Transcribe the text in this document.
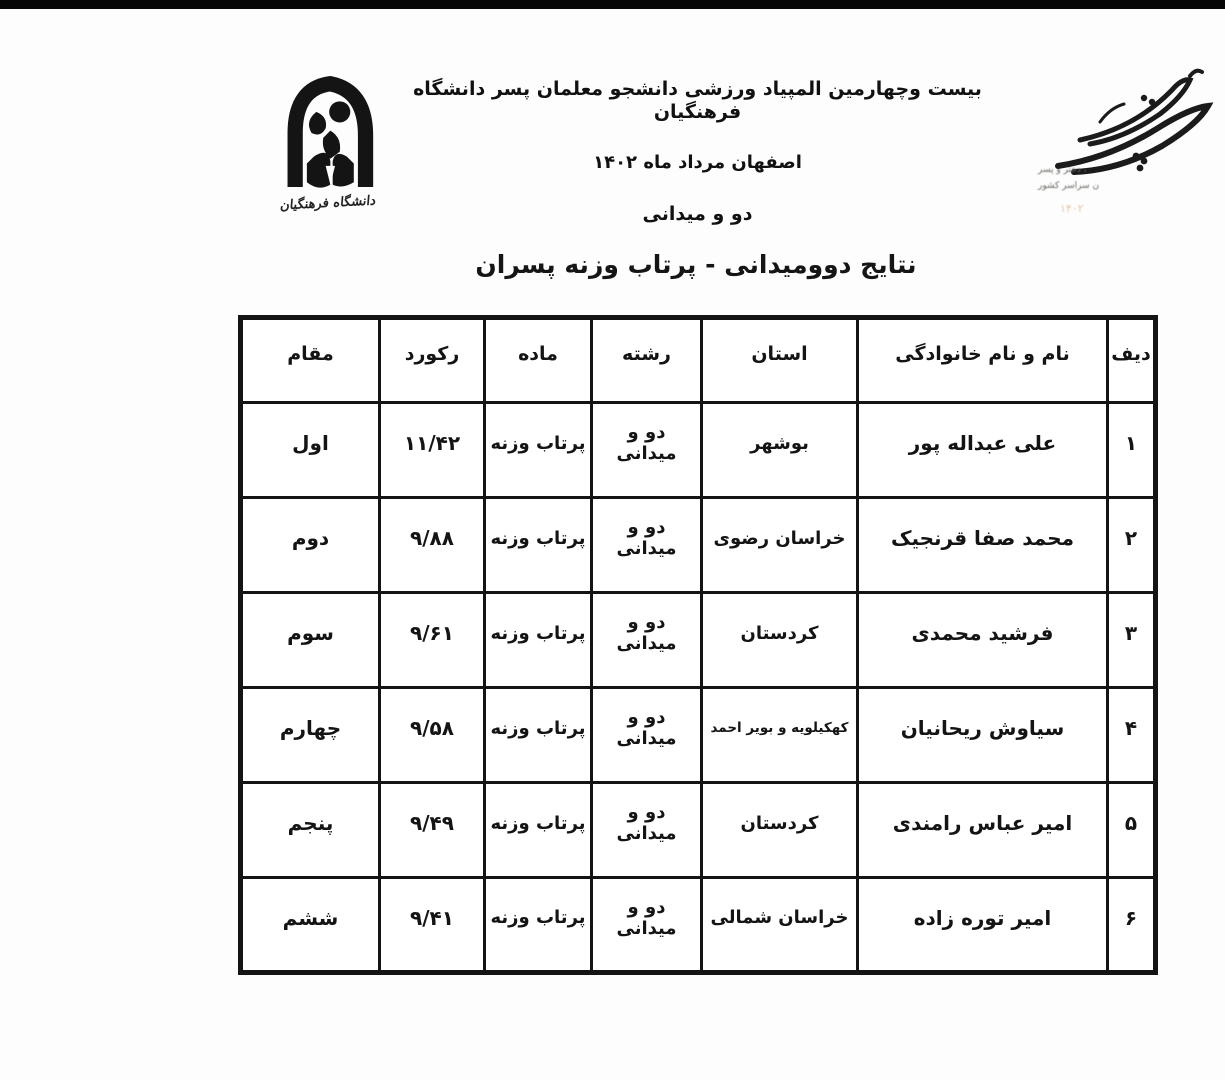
دانشگاه فرهنگیان
بیست وچهارمین المپیاد ورزشی دانشجو معلمان پسر دانشگاه فرهنگیان
اصفهان مرداد ماه ۱۴۰۲
دو و میدانی
، دختر و پسر
ن سراسر کشور
۱۴۰۲
نتایج دوومیدانی - پرتاب وزنه پسران
دیف	نام و نام خانوادگی	استان	رشته	ماده	رکورد	مقام
۱	علی عبداله پور	بوشهر	دو و میدانی	پرتاب وزنه	۱۱/۴۲	اول
۲	محمد صفا قرنجیک	خراسان رضوی	دو و میدانی	پرتاب وزنه	۹/۸۸	دوم
۳	فرشید محمدی	کردستان	دو و میدانی	پرتاب وزنه	۹/۶۱	سوم
۴	سیاوش ریحانیان	کهکیلویه و بویر احمد	دو و میدانی	پرتاب وزنه	۹/۵۸	چهارم
۵	امیر عباس رامندی	کردستان	دو و میدانی	پرتاب وزنه	۹/۴۹	پنجم
۶	امیر توره زاده	خراسان شمالی	دو و میدانی	پرتاب وزنه	۹/۴۱	ششم
